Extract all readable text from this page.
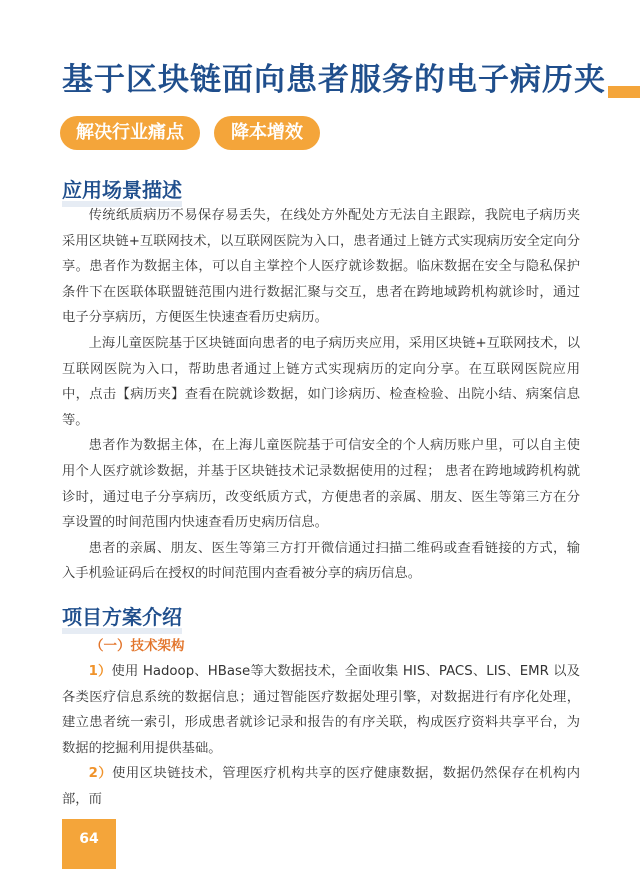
基于区块链面向患者服务的电子病历夹
解决行业痛点	降本增效
应用场景描述

传统纸质病历不易保存易丢失，在线处方外配处方无法自主跟踪，我院电子病历夹采用区块链+互联网技术，以互联网医院为入口，患者通过上链方式实现病历安全定向分享。患者作为数据主体，可以自主掌控个人医疗就诊数据。临床数据在安全与隐私保护条件下在医联体联盟链范围内进行数据汇聚与交互，患者在跨地域跨机构就诊时，通过电子分享病历，方便医生快速查看历史病历。

上海儿童医院基于区块链面向患者的电子病历夹应用，采用区块链+互联网技术，以互联网医院为入口，帮助患者通过上链方式实现病历的定向分享。在互联网医院应用中，点击【病历夹】查看在院就诊数据，如门诊病历、检查检验、出院小结、病案信息等。

患者作为数据主体，在上海儿童医院基于可信安全的个人病历账户里，可以自主使用个人医疗就诊数据，并基于区块链技术记录数据使用的过程； 患者在跨地域跨机构就诊时，通过电子分享病历，改变纸质方式，方便患者的亲属、朋友、医生等第三方在分享设置的时间范围内快速查看历史病历信息。

患者的亲属、朋友、医生等第三方打开微信通过扫描二维码或查看链接的方式，输入手机验证码后在授权的时间范围内查看被分享的病历信息。

项目方案介绍
（一）技术架构

1）使用 Hadoop、HBase等大数据技术，全面收集 HIS、PACS、LIS、EMR 以及各类医疗信息系统的数据信息；通过智能医疗数据处理引擎，对数据进行有序化处理，建立患者统一索引，形成患者就诊记录和报告的有序关联，构成医疗资料共享平台，为数据的挖掘利用提供基础。

2）使用区块链技术，管理医疗机构共享的医疗健康数据，数据仍然保存在机构内部，而

64
